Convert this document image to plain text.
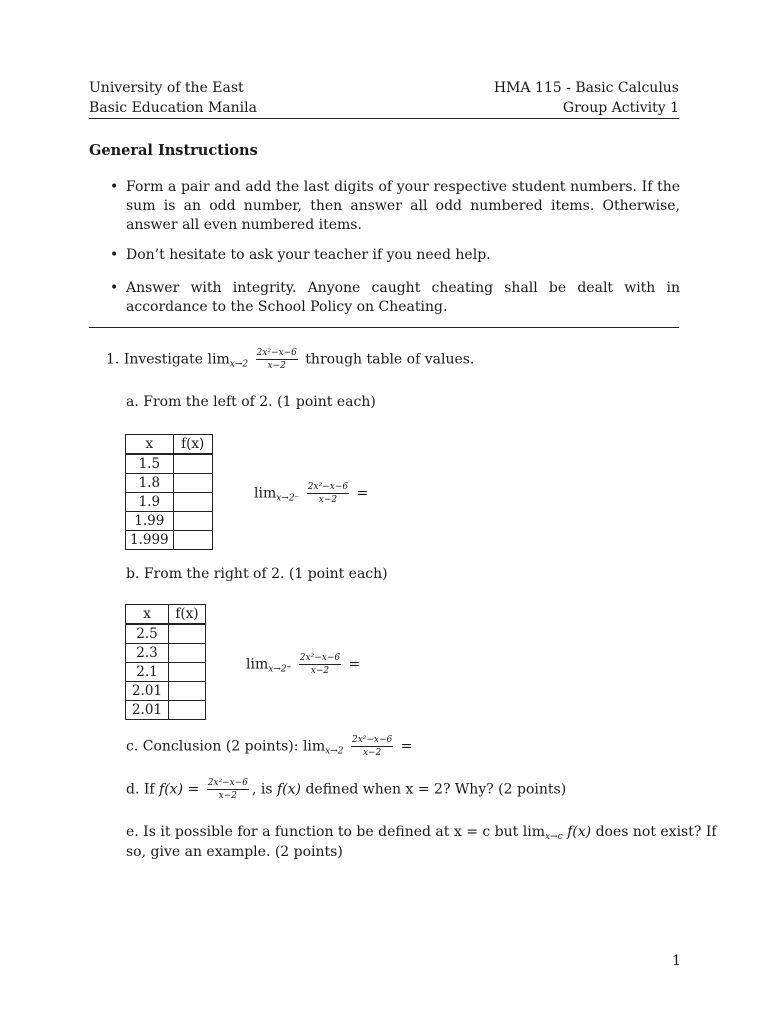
University of the East
Basic Education Manila
HMA 115 - Basic Calculus
Group Activity 1
General Instructions
• Form a pair and add the last digits of your respective student numbers. If the sum is an odd number, then answer all odd numbered items. Otherwise, answer all even numbered items.
• Don’t hesitate to ask your teacher if you need help.
• Answer with integrity. Anyone caught cheating shall be dealt with in accordance to the School Policy on Cheating.
1. Investigate $\lim_{x\to 2} \frac{\text{2x²−x−6}}{x-2}$ through table of values.
a. From the left of 2. (1 point each)
x	f(x)
1.5	
1.8	
1.9	
1.99	
1.999	
$\lim_{x\to 2^-} \frac{\text{2x²−x−6}}{x-2}$ =
b. From the right of 2. (1 point each)
x	f(x)
2.5	
2.3	
2.1	
2.01	
2.01	
$\lim_{x\to 2^+} \frac{\text{2x²−x−6}}{x-2}$ =
c. Conclusion (2 points): $\lim_{x\to 2} \frac{\text{2x²−x−6}}{x-2}$ =
d. If $f(x) = \frac{\text{2x²−x−6}}{x-2}$ , is f(x) defined when x = 2? Why? (2 points)
e. Is it possible for a function to be defined at x = c but $\lim_{x\to c} f(x)$ does not exist? If
so, give an example. (2 points)
1
